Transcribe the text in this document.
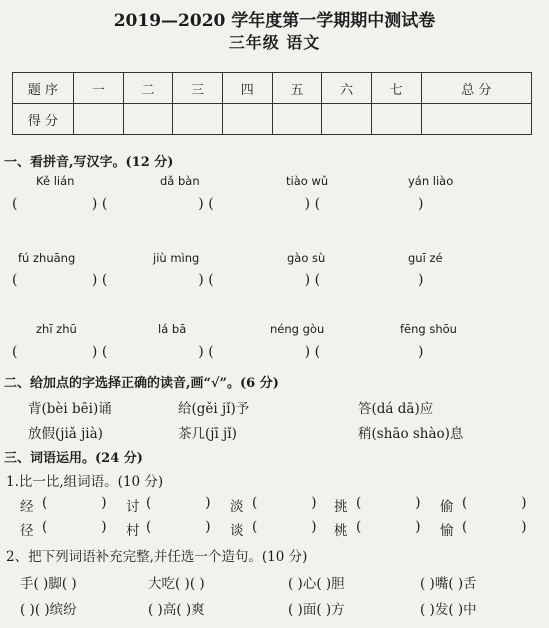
2019—2020 学年度第一学期期中测试卷
三年级 语文
题 序	一	二	三	四	五	六	七	总 分
得 分								
一、看拼音,写汉字。(12 分)
Kě lián	dǎ bàn	tiào wǔ	yán liào
(      ) (       ) (       ) (       )
fú zhuāng	jiù mìng	gào sù	guī zé
(      ) (       ) (       ) (       )
zhī zhū	lá bā	néng gòu	fēng shōu
(      ) (       ) (       ) (       )
二、给加点的字选择正确的读音,画“√”。(6 分)
背(bèi bēi)诵	给(gěi jǐ)予	答(dá dā)应
放假(jiǎ jià)	茶几(jī jǐ)	稍(shāo shào)息
三、词语运用。(24 分)
1.比一比,组词语。(10 分)
经 (    ) 讨 (    ) 淡 (    ) 挑 (    ) 偷 (    )
径 (    ) 村 (    ) 谈 (    ) 桃 (    ) 愉 (    )
2、把下列词语补充完整,并任选一个造句。(10 分)
手( )脚( )	大吃( )( )	( )心( )胆	( )嘴( )舌
( )( )缤纷	( )高( )爽	( )面( )方	( )发( )中
